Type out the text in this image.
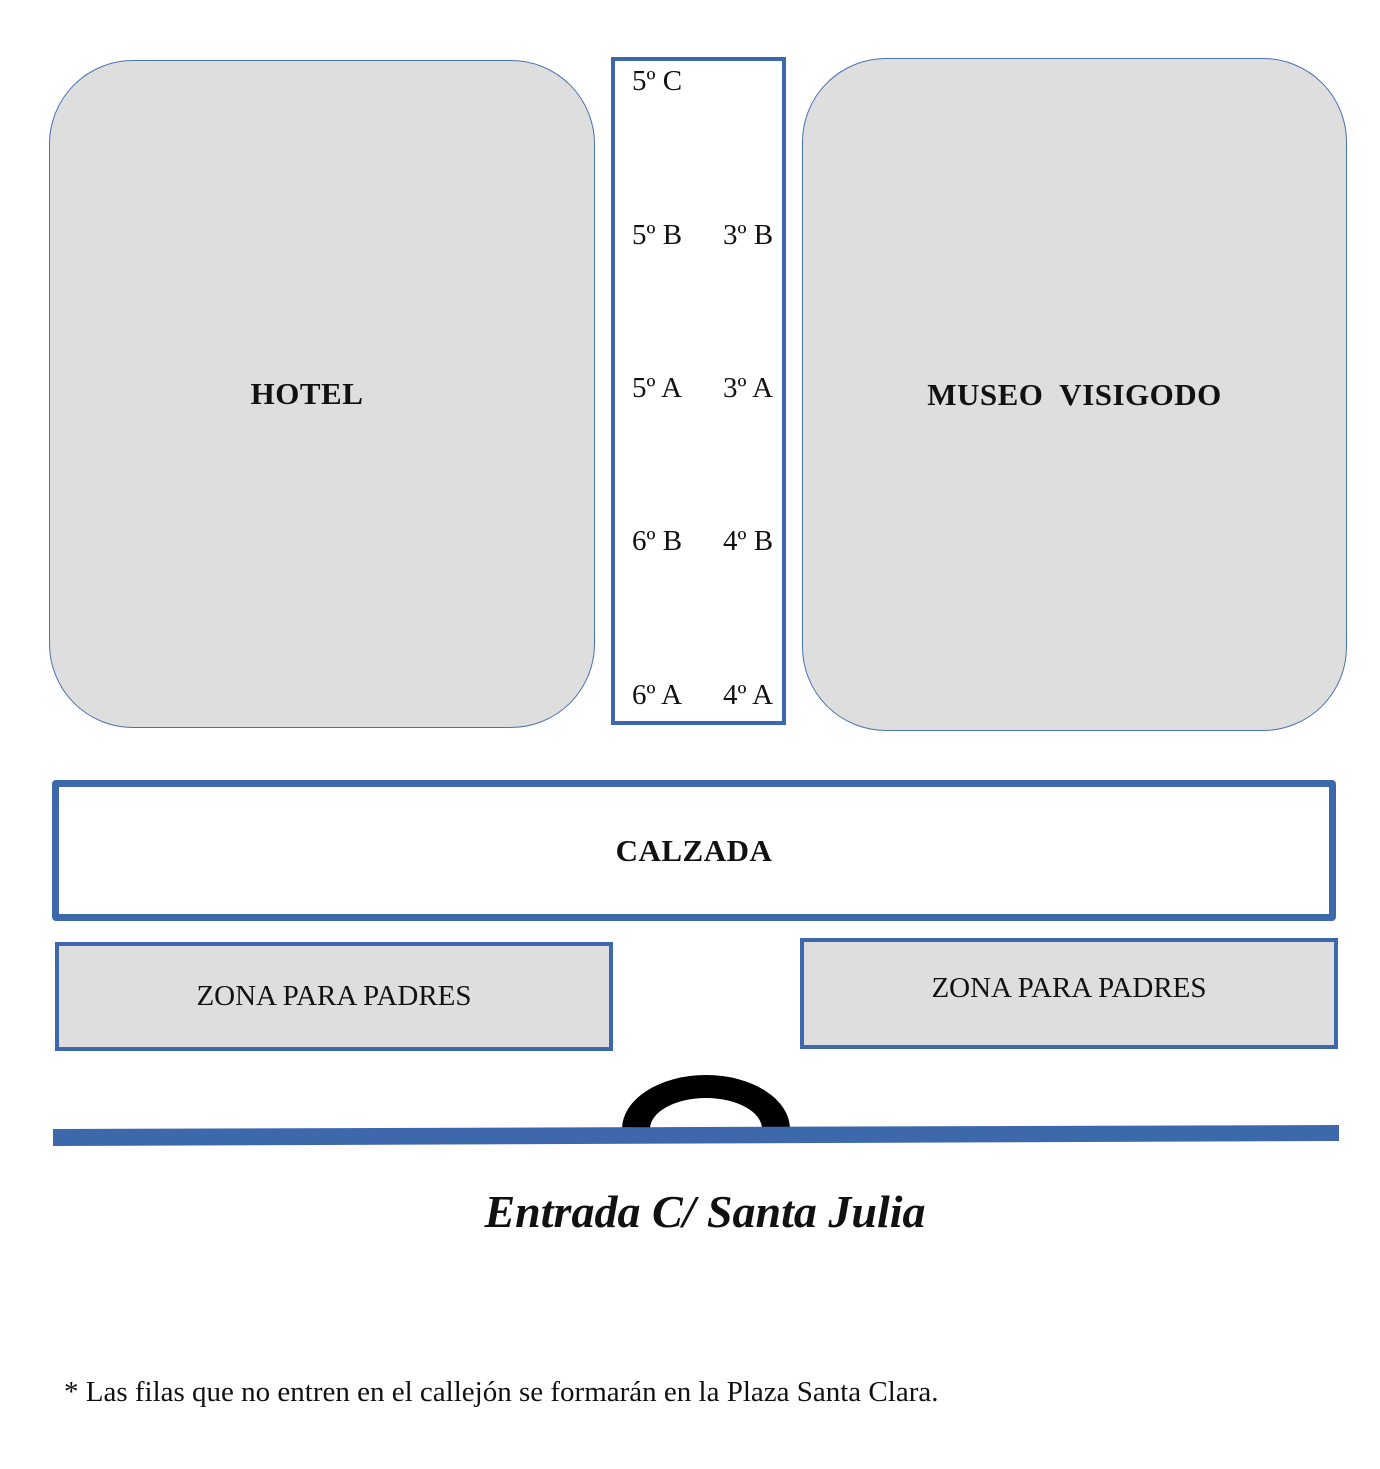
HOTEL	MUSEO  VISIGODO
5º C
5º B 3º B
5º A 3º A
6º B 4º B
6º A 4º A
CALZADA
ZONA PARA PADRES	ZONA PARA PADRES
Entrada C/ Santa Julia
* Las filas que no entren en el callejón se formarán en la Plaza Santa Clara.
